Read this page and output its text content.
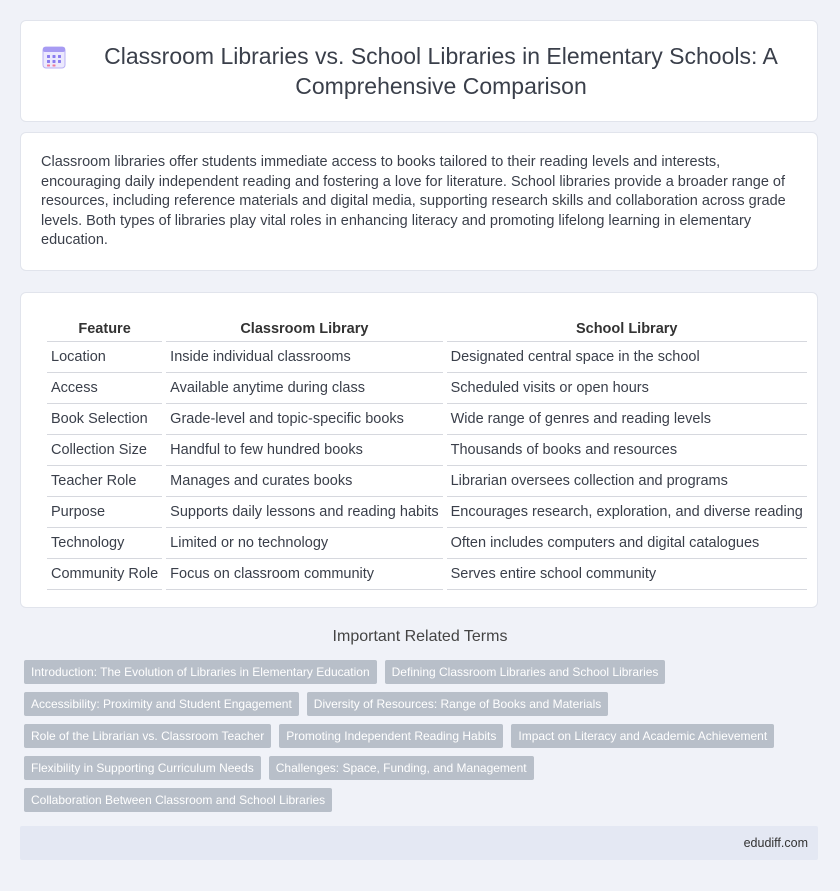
Classroom Libraries vs. School Libraries in Elementary Schools: A Comprehensive Comparison

Classroom libraries offer students immediate access to books tailored to their reading levels and interests, encouraging daily independent reading and fostering a love for literature. School libraries provide a broader range of resources, including reference materials and digital media, supporting research skills and collaboration across grade levels. Both types of libraries play vital roles in enhancing literacy and promoting lifelong learning in elementary education.

Feature	Classroom Library	School Library
Location	Inside individual classrooms	Designated central space in the school
Access	Available anytime during class	Scheduled visits or open hours
Book Selection	Grade-level and topic-specific books	Wide range of genres and reading levels
Collection Size	Handful to few hundred books	Thousands of books and resources
Teacher Role	Manages and curates books	Librarian oversees collection and programs
Purpose	Supports daily lessons and reading habits	Encourages research, exploration, and diverse reading
Technology	Limited or no technology	Often includes computers and digital catalogues
Community Role	Focus on classroom community	Serves entire school community
Important Related Terms
Introduction: The Evolution of Libraries in Elementary Education	Defining Classroom Libraries and School Libraries
Accessibility: Proximity and Student Engagement	Diversity of Resources: Range of Books and Materials
Role of the Librarian vs. Classroom Teacher	Promoting Independent Reading Habits	Impact on Literacy and Academic Achievement
Flexibility in Supporting Curriculum Needs	Challenges: Space, Funding, and Management
Collaboration Between Classroom and School Libraries
edudiff.com
